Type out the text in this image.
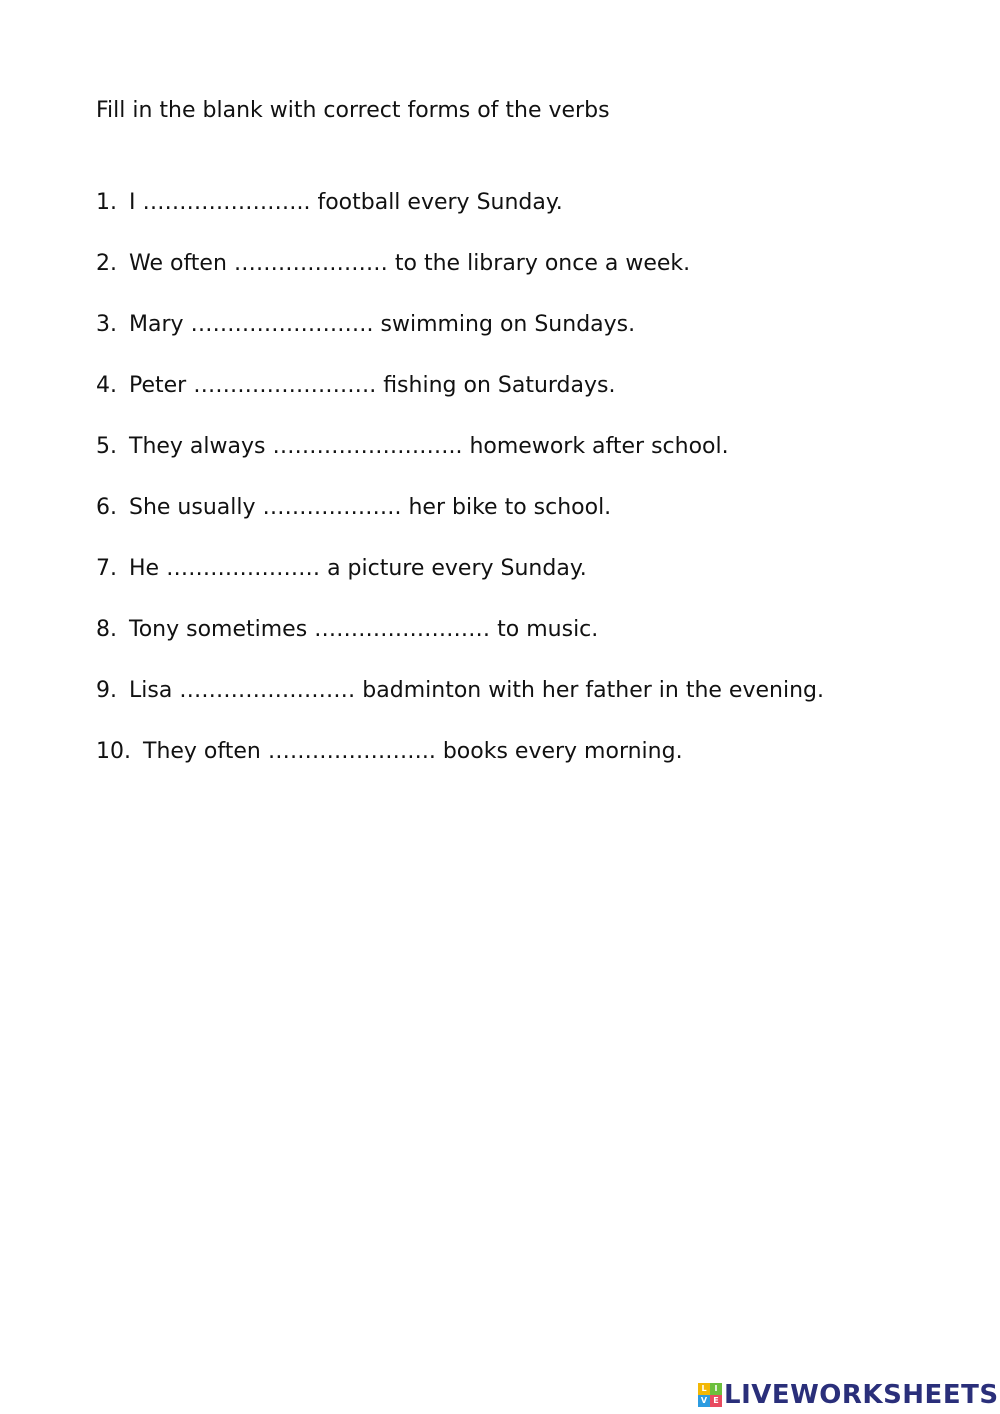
Fill in the blank with correct forms of the verbs
1. I ………………….. football every Sunday.
2. We often ………………… to the library once a week.
3. Mary ……………………. swimming on Sundays.
4. Peter ……………………. fishing on Saturdays.
5. They always …………………….. homework after school.
6. She usually ………………. her bike to school.
7. He ………………… a picture every Sunday.
8. Tony sometimes …………………… to music.
9. Lisa …………………… badminton with her father in the evening.
10. They often ………………….. books every morning.
L I
V E LIVEWORKSHEETS
